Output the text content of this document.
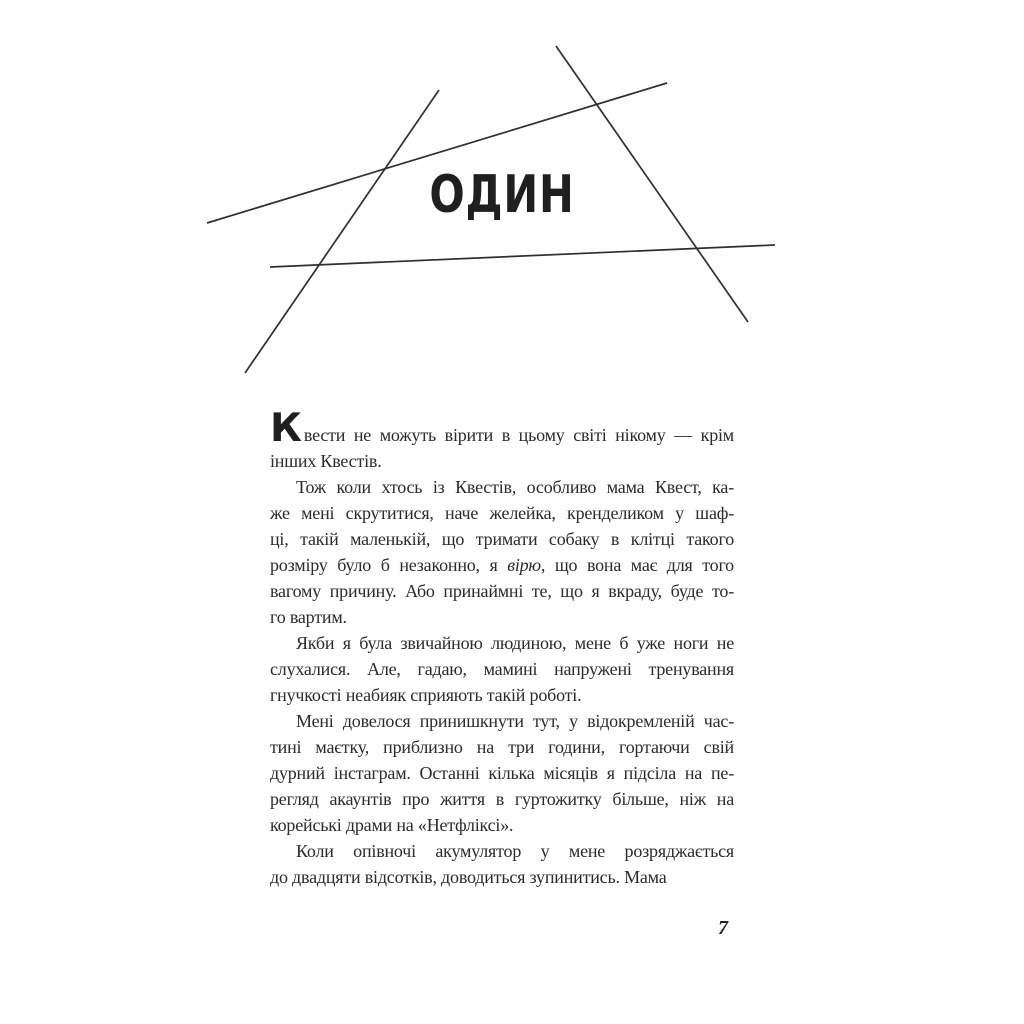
ОДИН
Квести не можуть вірити в цьому світі нікому — крім
інших Квестів.
Тож коли хтось із Квестів, особливо мама Квест, ка-
же мені скрутитися, наче желейка, кренделиком у шаф-
ці, такій маленькій, що тримати собаку в клітці такого
розміру було б незаконно, я вірю, що вона має для того
вагому причину. Або принаймні те, що я вкраду, буде то-
го вартим.
Якби я була звичайною людиною, мене б уже ноги не
слухалися. Але, гадаю, мамині напружені тренування
гнучкості неабияк сприяють такій роботі.
Мені довелося принишкнути тут, у відокремленій час-
тині маєтку, приблизно на три години, гортаючи свій
дурний інстаграм. Останні кілька місяців я підсіла на пе-
регляд акаунтів про життя в гуртожитку більше, ніж на
корейські драми на «Нетфліксі».
Коли опівночі акумулятор у мене розряджається
до двадцяти відсотків, доводиться зупинитись. Мама
7
